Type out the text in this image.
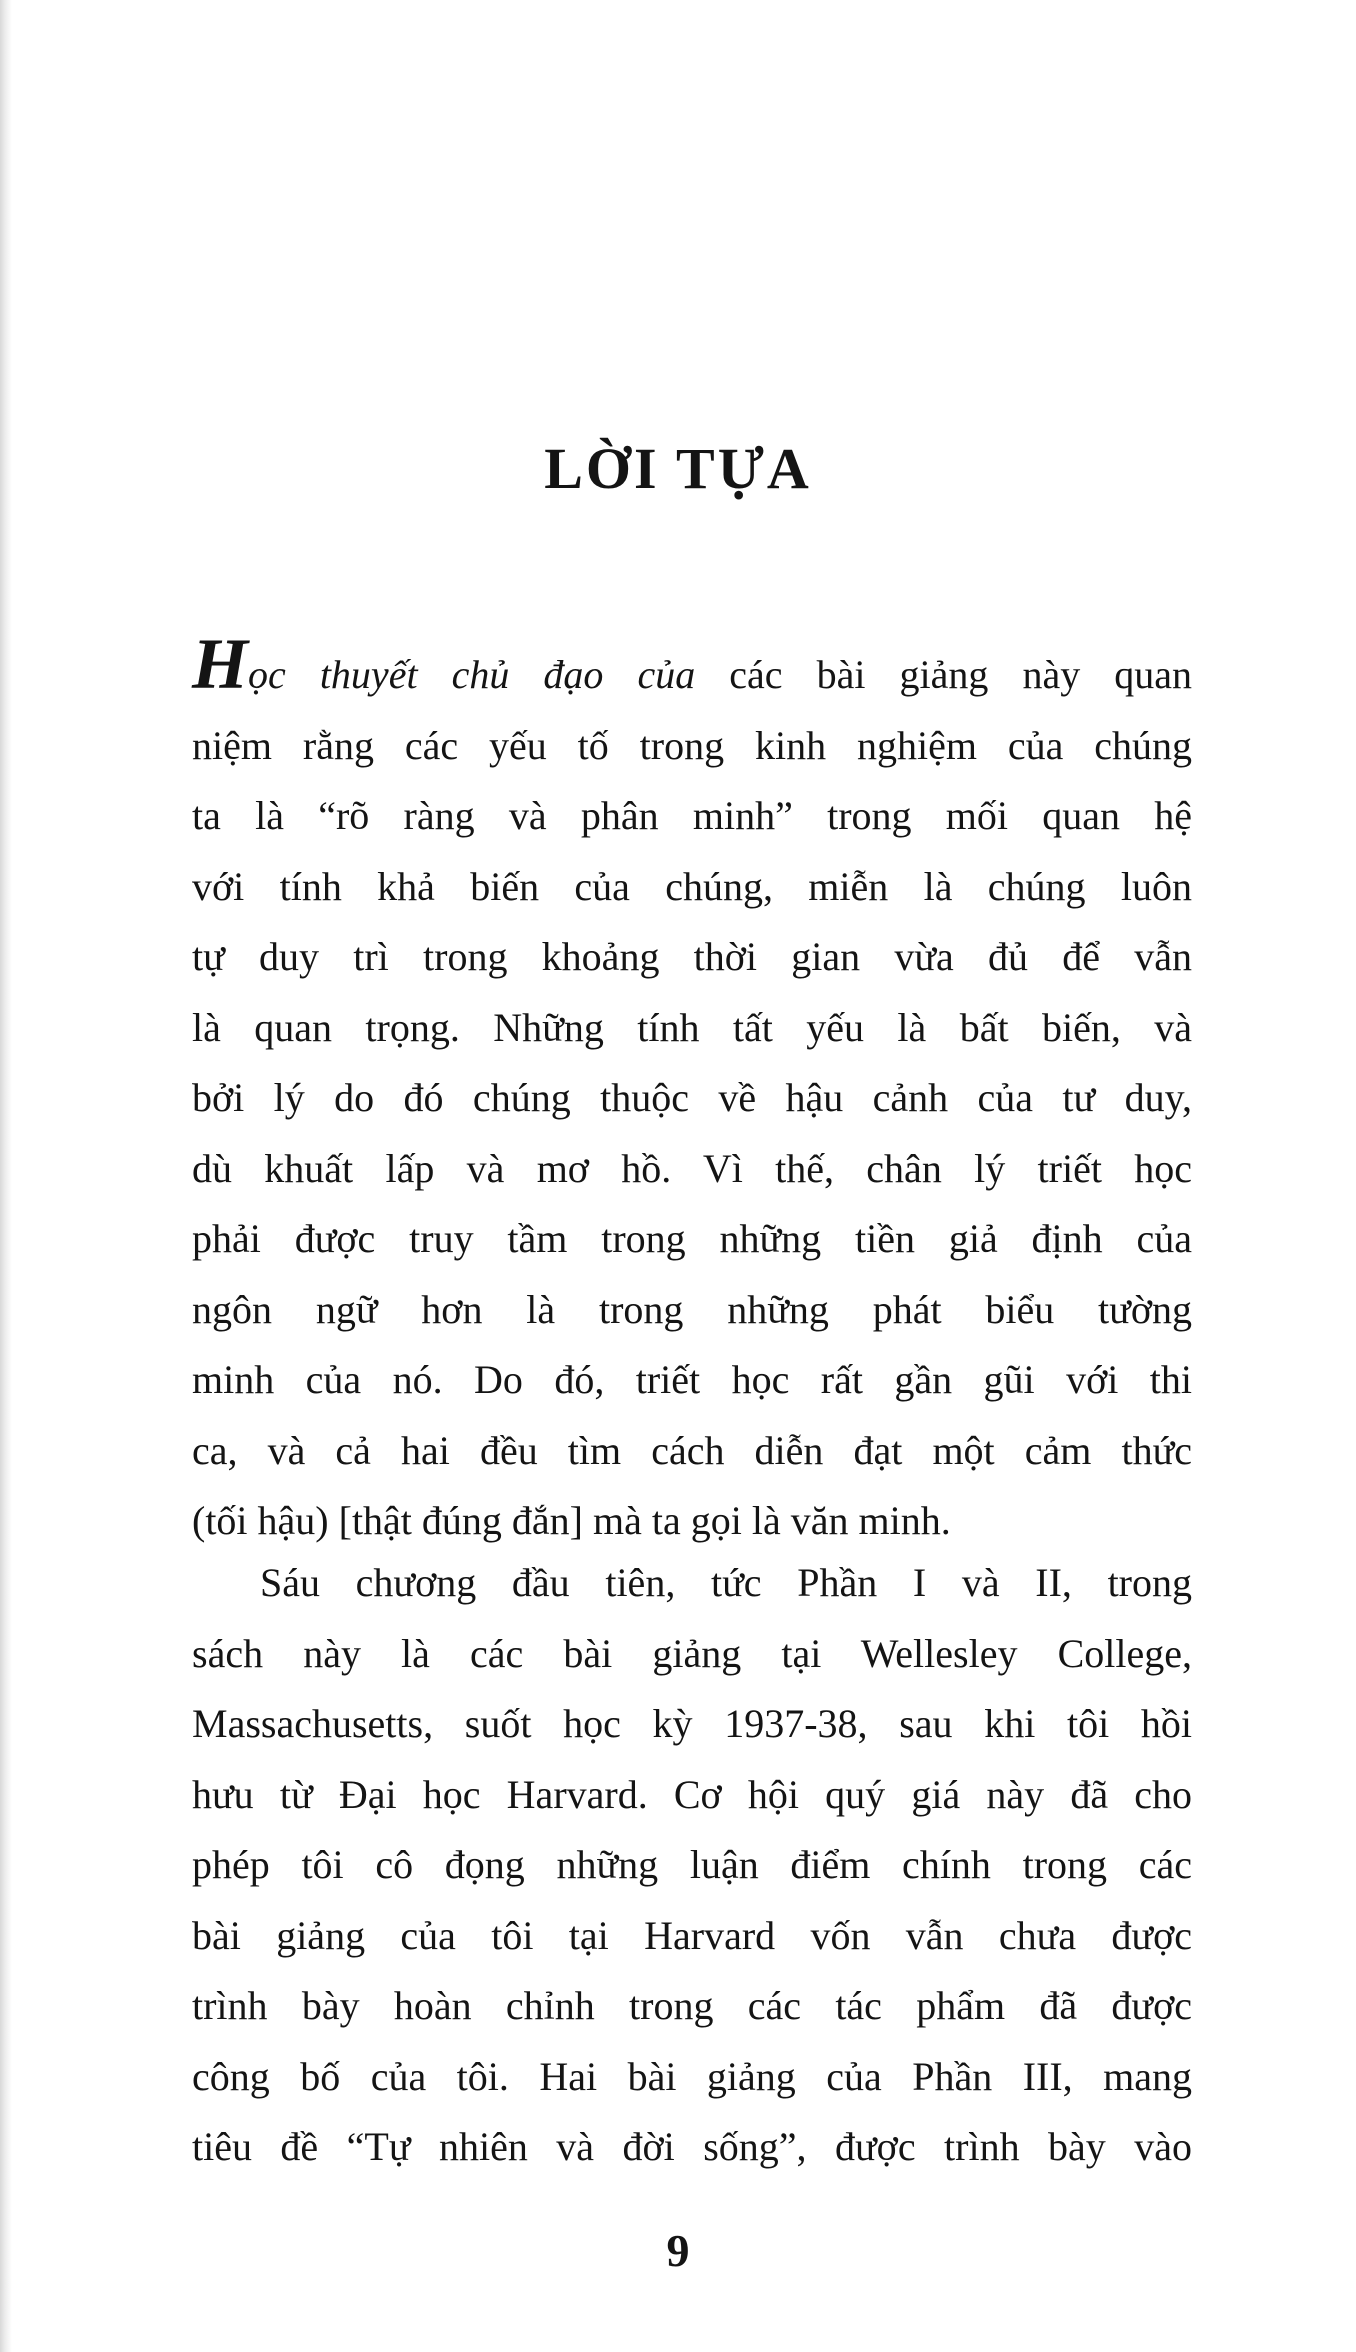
LỜI TỰA
Học thuyết chủ đạo của các bài giảng này quan
niệm rằng các yếu tố trong kinh nghiệm của chúng
ta là “rõ ràng và phân minh” trong mối quan hệ
với tính khả biến của chúng, miễn là chúng luôn
tự duy trì trong khoảng thời gian vừa đủ để vẫn
là quan trọng. Những tính tất yếu là bất biến, và
bởi lý do đó chúng thuộc về hậu cảnh của tư duy,
dù khuất lấp và mơ hồ. Vì thế, chân lý triết học
phải được truy tầm trong những tiền giả định của
ngôn ngữ hơn là trong những phát biểu tường
minh của nó. Do đó, triết học rất gần gũi với thi
ca, và cả hai đều tìm cách diễn đạt một cảm thức
(tối hậu) [thật đúng đắn] mà ta gọi là văn minh.
Sáu chương đầu tiên, tức Phần I và II, trong
sách này là các bài giảng tại Wellesley College,
Massachusetts, suốt học kỳ 1937-38, sau khi tôi hồi
hưu từ Đại học Harvard. Cơ hội quý giá này đã cho
phép tôi cô đọng những luận điểm chính trong các
bài giảng của tôi tại Harvard vốn vẫn chưa được
trình bày hoàn chỉnh trong các tác phẩm đã được
công bố của tôi. Hai bài giảng của Phần III, mang
tiêu đề “Tự nhiên và đời sống”, được trình bày vào
9
